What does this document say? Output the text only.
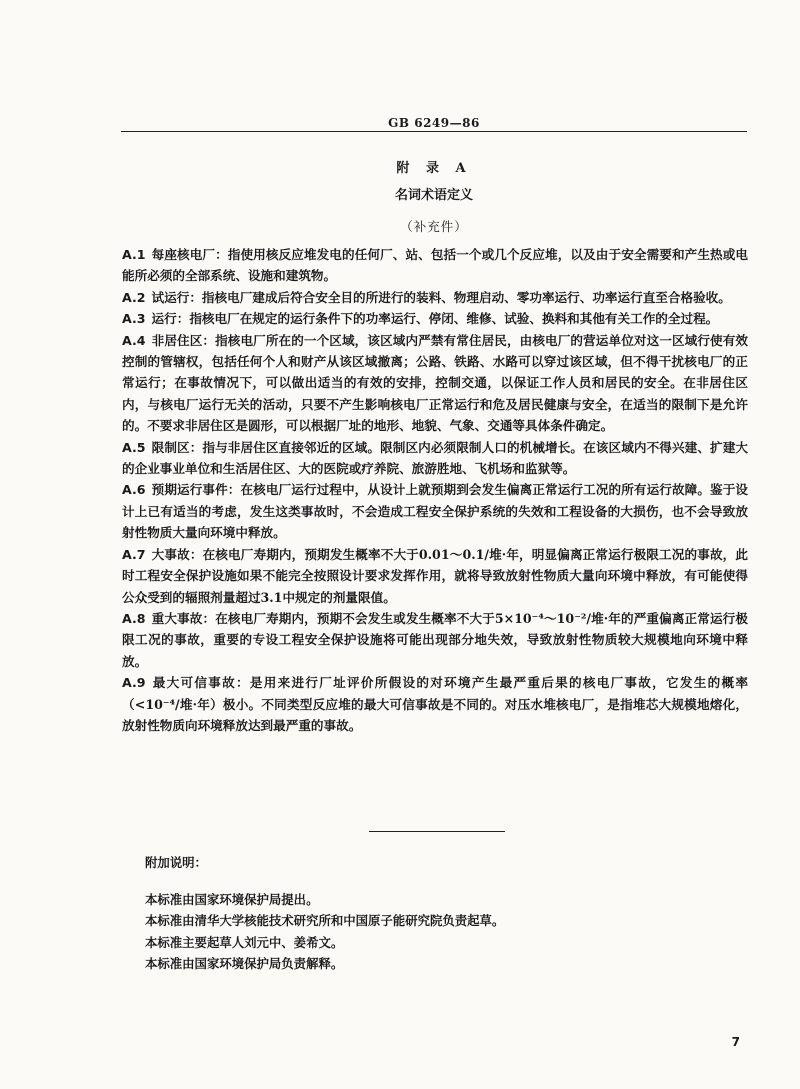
GB 6249—86
附 录 A
名词术语定义
（补充件）

A.1 每座核电厂：指使用核反应堆发电的任何厂、站、包括一个或几个反应堆，以及由于安全需要和产生热或电能所必须的全部系统、设施和建筑物。

A.2 试运行：指核电厂建成后符合安全目的所进行的装料、物理启动、零功率运行、功率运行直至合格验收。

A.3 运行：指核电厂在规定的运行条件下的功率运行、停闭、维修、试验、换料和其他有关工作的全过程。

A.4 非居住区：指核电厂所在的一个区域，该区域内严禁有常住居民，由核电厂的营运单位对这一区域行使有效控制的管辖权，包括任何个人和财产从该区域撤离；公路、铁路、水路可以穿过该区域，但不得干扰核电厂的正常运行；在事故情况下，可以做出适当的有效的安排，控制交通，以保证工作人员和居民的安全。在非居住区内，与核电厂运行无关的活动，只要不产生影响核电厂正常运行和危及居民健康与安全，在适当的限制下是允许的。不要求非居住区是圆形，可以根据厂址的地形、地貌、气象、交通等具体条件确定。

A.5 限制区：指与非居住区直接邻近的区域。限制区内必须限制人口的机械增长。在该区域内不得兴建、扩建大的企业事业单位和生活居住区、大的医院或疗养院、旅游胜地、飞机场和监狱等。

A.6 预期运行事件：在核电厂运行过程中，从设计上就预期到会发生偏离正常运行工况的所有运行故障。鉴于设计上已有适当的考虑，发生这类事故时，不会造成工程安全保护系统的失效和工程设备的大损伤，也不会导致放射性物质大量向环境中释放。

A.7 大事故：在核电厂寿期内，预期发生概率不大于0.01～0.1/堆·年，明显偏离正常运行极限工况的事故，此时工程安全保护设施如果不能完全按照设计要求发挥作用，就将导致放射性物质大量向环境中释放，有可能使得公众受到的辐照剂量超过3.1中规定的剂量限值。

A.8 重大事故：在核电厂寿期内，预期不会发生或发生概率不大于5×10⁻⁴～10⁻²/堆·年的严重偏离正常运行极限工况的事故，重要的专设工程安全保护设施将可能出现部分地失效，导致放射性物质较大规模地向环境中释放。

A.9 最大可信事故：是用来进行厂址评价所假设的对环境产生最严重后果的核电厂事故，它发生的概率（<10⁻⁴/堆·年）极小。不同类型反应堆的最大可信事故是不同的。对压水堆核电厂，是指堆芯大规模地熔化，放射性物质向环境释放达到最严重的事故。

附加说明：

本标准由国家环境保护局提出。

本标准由清华大学核能技术研究所和中国原子能研究院负责起草。

本标准主要起草人刘元中、姜希文。

本标准由国家环境保护局负责解释。

7
